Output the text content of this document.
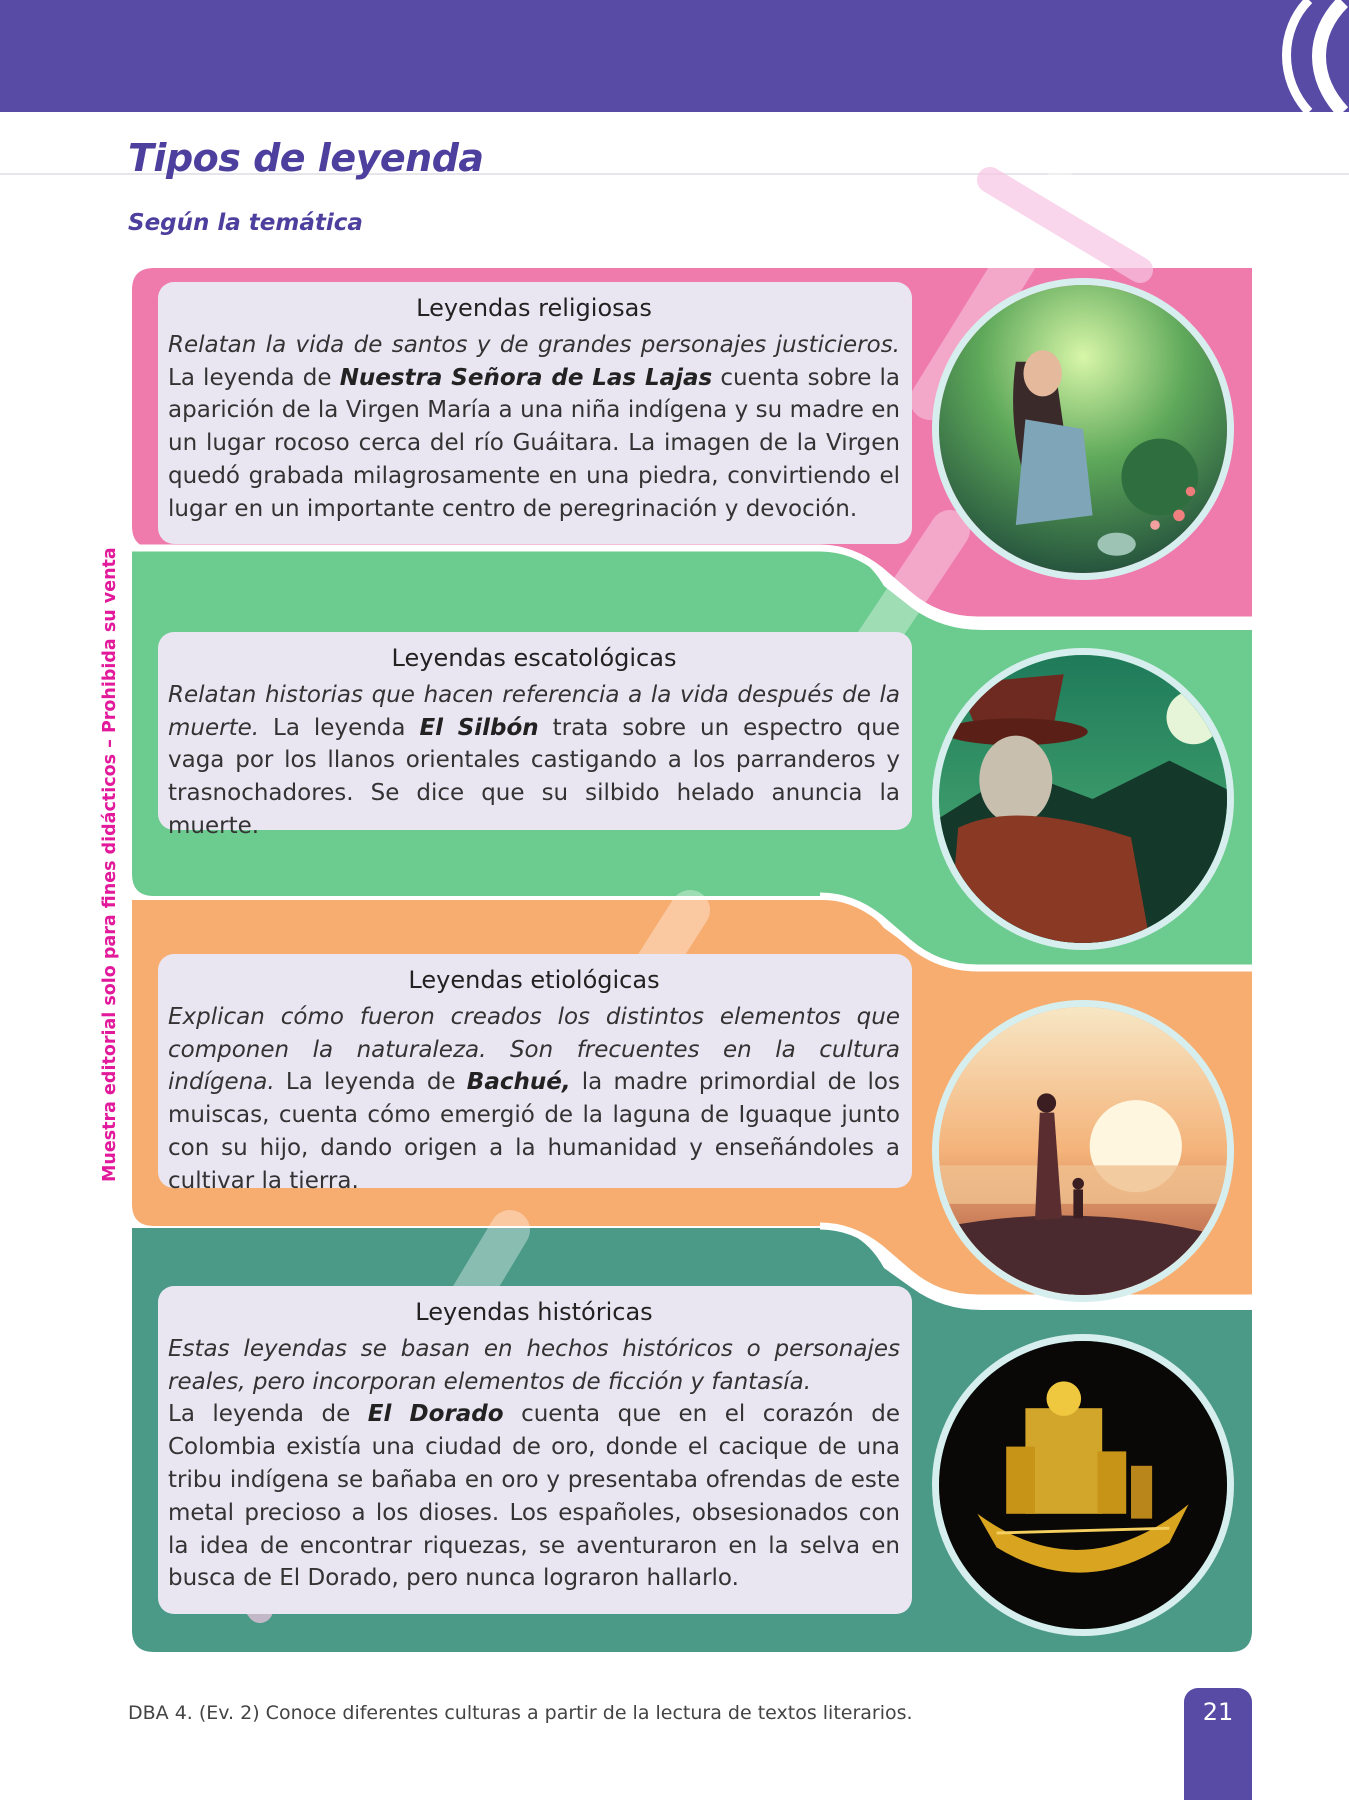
Tipos de leyenda
Según la temática
Muestra editorial solo para fines didácticos – Prohibida su venta
Leyendas religiosas

Relatan la vida de santos y de grandes personajes justicieros. La leyenda de Nuestra Señora de Las Lajas cuenta sobre la aparición de la Virgen María a una niña indígena y su madre en un lugar rocoso cerca del río Guáitara. La imagen de la Virgen quedó grabada milagrosamente en una piedra, convirtiendo el lugar en un importante centro de peregrinación y devoción.

Leyendas escatológicas

Relatan historias que hacen referencia a la vida después de la muerte. La leyenda El Silbón trata sobre un espectro que vaga por los llanos orientales castigando a los parranderos y trasnochadores. Se dice que su silbido helado anuncia la muerte.

Leyendas etiológicas

Explican cómo fueron creados los distintos elementos que componen la naturaleza. Son frecuentes en la cultura indígena. La leyenda de Bachué, la madre primordial de los muiscas, cuenta cómo emergió de la laguna de Iguaque junto con su hijo, dando origen a la humanidad y enseñándoles a cultivar la tierra.

Leyendas históricas

Estas leyendas se basan en hechos históricos o personajes reales, pero incorporan elementos de ficción y fantasía.
La leyenda de El Dorado cuenta que en el corazón de Colombia existía una ciudad de oro, donde el cacique de una tribu indígena se bañaba en oro y presentaba ofrendas de este metal precioso a los dioses. Los españoles, obsesionados con la idea de encontrar riquezas, se aventuraron en la selva en busca de El Dorado, pero nunca lograron hallarlo.

DBA 4. (Ev. 2) Conoce diferentes culturas a partir de la lectura de textos literarios.	21
